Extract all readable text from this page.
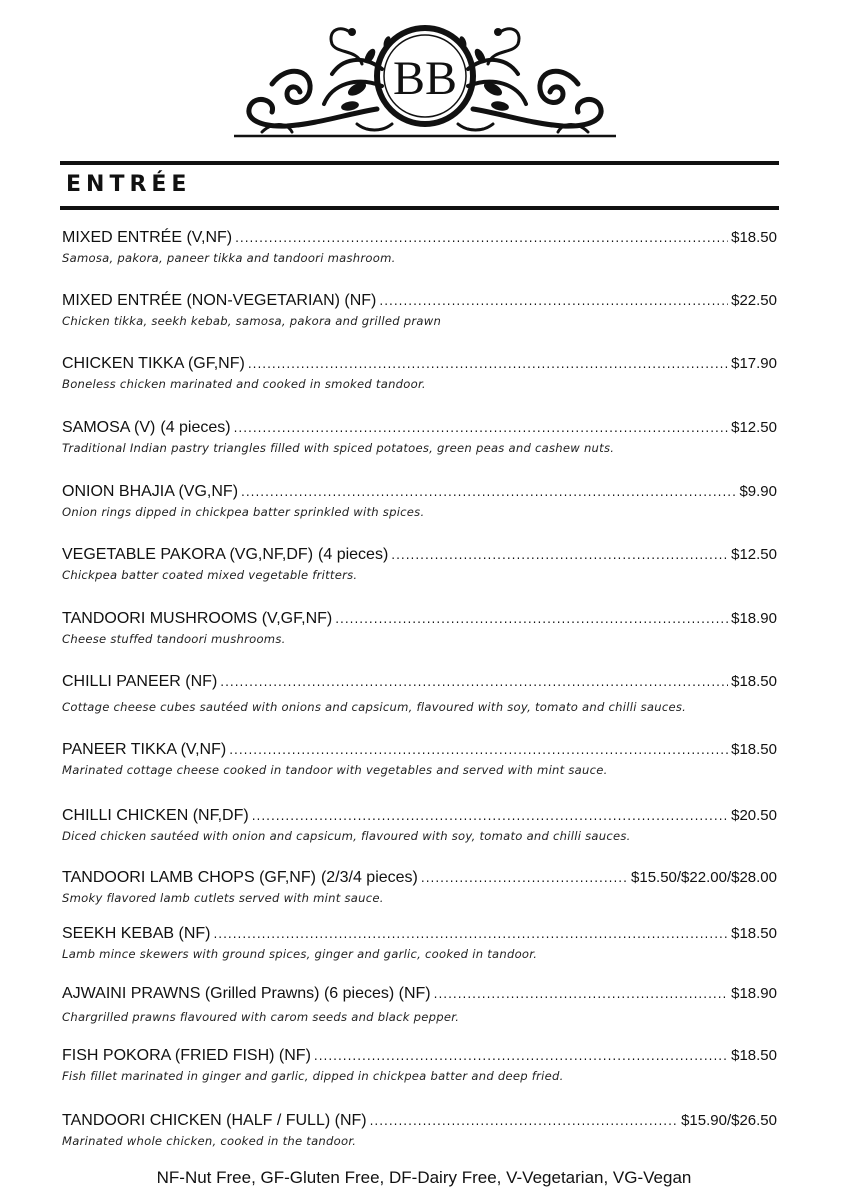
BB
ENTRÉE
MIXED ENTRÉE (V,NF) .....	$18.50
Samosa, pakora, paneer tikka and tandoori mashroom.
MIXED ENTRÉE (NON-VEGETARIAN) (NF) .....	$22.50
Chicken tikka, seekh kebab, samosa, pakora and grilled prawn
CHICKEN TIKKA (GF,NF) .....	$17.90
Boneless chicken marinated and cooked in smoked tandoor.
SAMOSA (V) (4 pieces) .....	$12.50
Traditional Indian pastry triangles filled with spiced potatoes, green peas and cashew nuts.
ONION BHAJIA (VG,NF) .....	$9.90
Onion rings dipped in chickpea batter sprinkled with spices.
VEGETABLE PAKORA (VG,NF,DF) (4 pieces) .....	$12.50
Chickpea batter coated mixed vegetable fritters.
TANDOORI MUSHROOMS (V,GF,NF) .....	$18.90
Cheese stuffed tandoori mushrooms.
CHILLI PANEER (NF) .....	$18.50
Cottage cheese cubes sautéed with onions and capsicum, flavoured with soy, tomato and chilli sauces.
PANEER TIKKA (V,NF) .....	$18.50
Marinated cottage cheese cooked in tandoor with vegetables and served with mint sauce.
CHILLI CHICKEN (NF,DF) .....	$20.50
Diced chicken sautéed with onion and capsicum, flavoured with soy, tomato and chilli sauces.
TANDOORI LAMB CHOPS (GF,NF) (2/3/4 pieces) .....	$15.50/$22.00/$28.00
Smoky flavored lamb cutlets served with mint sauce.
SEEKH KEBAB (NF) .....	$18.50
Lamb mince skewers with ground spices, ginger and garlic, cooked in tandoor.
AJWAINI PRAWNS (Grilled Prawns) (6 pieces) (NF) .....	$18.90
Chargrilled prawns flavoured with carom seeds and black pepper.
FISH POKORA (FRIED FISH) (NF) .....	$18.50
Fish fillet marinated in ginger and garlic, dipped in chickpea batter and deep fried.
TANDOORI CHICKEN (HALF / FULL) (NF) .....	$15.90/$26.50
Marinated whole chicken, cooked in the tandoor.
NF-Nut Free, GF-Gluten Free, DF-Dairy Free, V-Vegetarian, VG-Vegan
